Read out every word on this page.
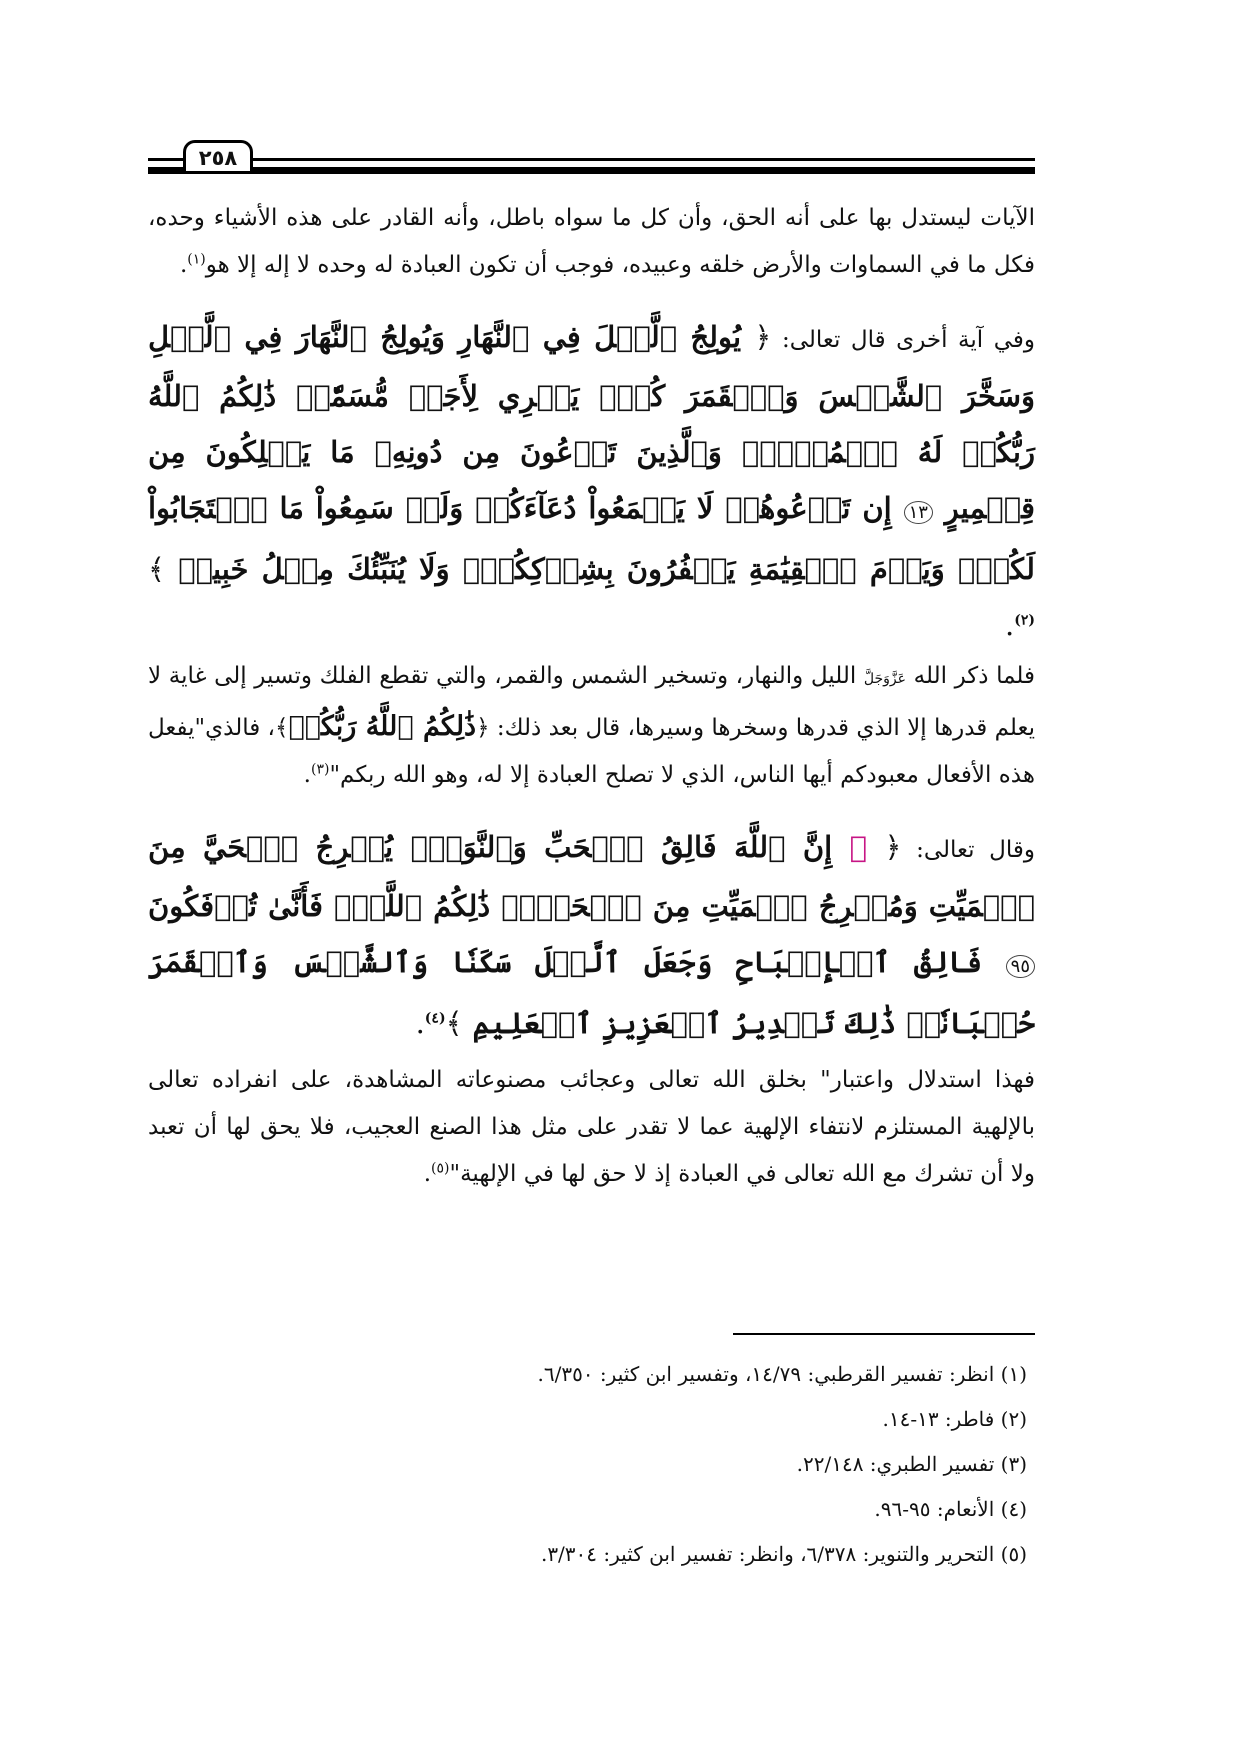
٢٥٨

الآيات ليستدل بها على أنه الحق، وأن كل ما سواه باطل، وأنه القادر على هذه الأشياء وحده، فكل ما في السماوات والأرض خلقه وعبيده، فوجب أن تكون العبادة له وحده لا إله إلا هو$^{(١)}$.

وفي آية أخرى قال تعالى: ﴿ يُولِجُ ٱلَّيۡلَ فِي ٱلنَّهَارِ وَيُولِجُ ٱلنَّهَارَ فِي ٱلَّيۡلِ وَسَخَّرَ ٱلشَّمۡسَ وَٱلۡقَمَرَ كُلّٞ يَجۡرِي لِأَجَلٖ مُّسَمّٗىۚ ذَٰلِكُمُ ٱللَّهُ رَبُّكُمۡ لَهُ ٱلۡمُلۡكُۚ وَٱلَّذِينَ تَدۡعُونَ مِن دُونِهِۦ مَا يَمۡلِكُونَ مِن قِطۡمِيرٍ ١٣ إِن تَدۡعُوهُمۡ لَا يَسۡمَعُواْ دُعَآءَكُمۡ وَلَوۡ سَمِعُواْ مَا ٱسۡتَجَابُواْ لَكُمۡۖ وَيَوۡمَ ٱلۡقِيَٰمَةِ يَكۡفُرُونَ بِشِرۡكِكُمۡۚ وَلَا يُنَبِّئُكَ مِثۡلُ خَبِيرٖ ﴾$^{(٢)}$.

فلما ذكر الله عَزَّوَجَلَّ الليل والنهار، وتسخير الشمس والقمر، والتي تقطع الفلك وتسير إلى غاية لا يعلم قدرها إلا الذي قدرها وسخرها وسيرها، قال بعد ذلك: ﴿ذَٰلِكُمُ ٱللَّهُ رَبُّكُمۡ﴾، فالذي"يفعل هذه الأفعال معبودكم أيها الناس، الذي لا تصلح العبادة إلا له، وهو الله ربكم"$^{(٣)}$.

وقال تعالى: ﴿ ۞ إِنَّ ٱللَّهَ فَالِقُ ٱلۡحَبِّ وَٱلنَّوَىٰۖ يُخۡرِجُ ٱلۡحَيَّ مِنَ ٱلۡمَيِّتِ وَمُخۡرِجُ ٱلۡمَيِّتِ مِنَ ٱلۡحَيِّۚ ذَٰلِكُمُ ٱللَّهُۖ فَأَنَّىٰ تُؤۡفَكُونَ ٩٥ فَالِقُ ٱلۡإِصۡبَاحِ وَجَعَلَ ٱلَّيۡلَ سَكَنٗا وَٱلشَّمۡسَ وَٱلۡقَمَرَ حُسۡبَانٗاۚ ذَٰلِكَ تَقۡدِيرُ ٱلۡعَزِيزِ ٱلۡعَلِيمِ ﴾$^{(٤)}$.

فهذا استدلال واعتبار" بخلق الله تعالى وعجائب مصنوعاته المشاهدة، على انفراده تعالى بالإلهية المستلزم لانتفاء الإلهية عما لا تقدر على مثل هذا الصنع العجيب، فلا يحق لها أن تعبد ولا أن تشرك مع الله تعالى في العبادة إذ لا حق لها في الإلهية"$^{(٥)}$.

(١) انظر: تفسير القرطبي: ١٤/٧٩، وتفسير ابن كثير: ٦/٣٥٠.

(٢) فاطر: ١٣-١٤.

(٣) تفسير الطبري: ٢٢/١٤٨.

(٤) الأنعام: ٩٥-٩٦.

(٥) التحرير والتنوير: ٦/٣٧٨، وانظر: تفسير ابن كثير: ٣/٣٠٤.
